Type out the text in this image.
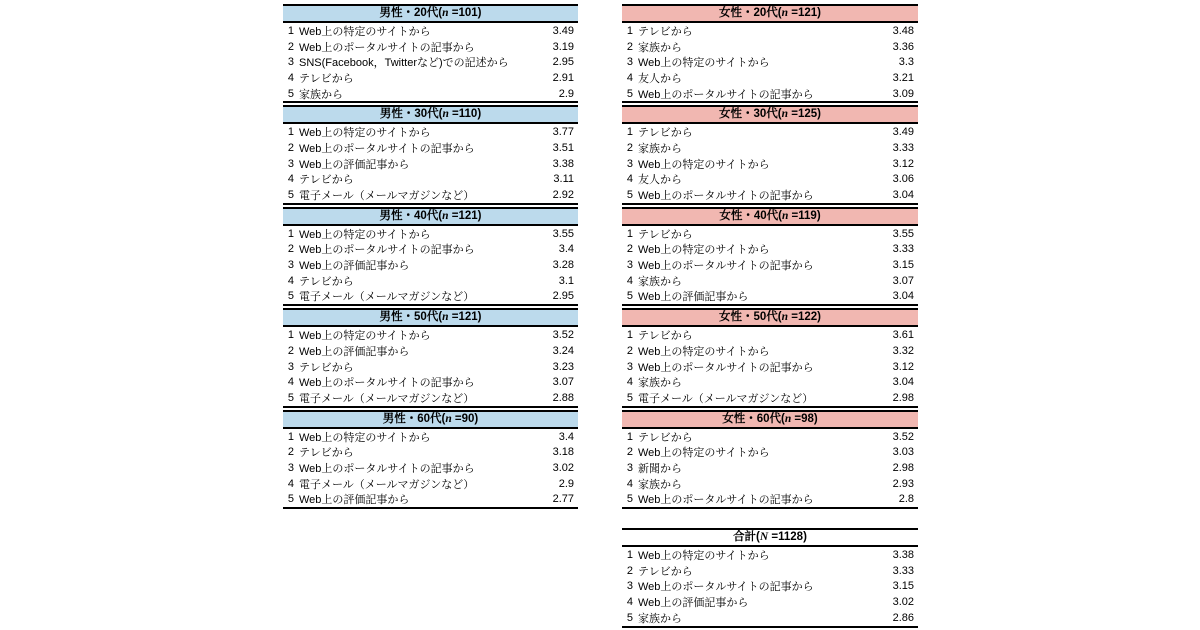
男性・20代(n =101)
1 Web上の特定のサイトから	3.49
2 Web上のポータルサイトの記事から	3.19
3 SNS(Facebook，Twitterなど)での記述から	2.95
4 テレビから	2.91
5 家族から	2.9
男性・30代(n =110)
1 Web上の特定のサイトから	3.77
2 Web上のポータルサイトの記事から	3.51
3 Web上の評価記事から	3.38
4 テレビから	3.11
5 電子メール（メールマガジンなど）	2.92
男性・40代(n =121)
1 Web上の特定のサイトから	3.55
2 Web上のポータルサイトの記事から	3.4
3 Web上の評価記事から	3.28
4 テレビから	3.1
5 電子メール（メールマガジンなど）	2.95
男性・50代(n =121)
1 Web上の特定のサイトから	3.52
2 Web上の評価記事から	3.24
3 テレビから	3.23
4 Web上のポータルサイトの記事から	3.07
5 電子メール（メールマガジンなど）	2.88
男性・60代(n =90)
1 Web上の特定のサイトから	3.4
2 テレビから	3.18
3 Web上のポータルサイトの記事から	3.02
4 電子メール（メールマガジンなど）	2.9
5 Web上の評価記事から	2.77
女性・20代(n =121)
1 テレビから	3.48
2 家族から	3.36
3 Web上の特定のサイトから	3.3
4 友人から	3.21
5 Web上のポータルサイトの記事から	3.09
女性・30代(n =125)
1 テレビから	3.49
2 家族から	3.33
3 Web上の特定のサイトから	3.12
4 友人から	3.06
5 Web上のポータルサイトの記事から	3.04
女性・40代(n =119)
1 テレビから	3.55
2 Web上の特定のサイトから	3.33
3 Web上のポータルサイトの記事から	3.15
4 家族から	3.07
5 Web上の評価記事から	3.04
女性・50代(n =122)
1 テレビから	3.61
2 Web上の特定のサイトから	3.32
3 Web上のポータルサイトの記事から	3.12
4 家族から	3.04
5 電子メール（メールマガジンなど）	2.98
女性・60代(n =98)
1 テレビから	3.52
2 Web上の特定のサイトから	3.03
3 新聞から	2.98
4 家族から	2.93
5 Web上のポータルサイトの記事から	2.8
合計(N =1128)
1 Web上の特定のサイトから	3.38
2 テレビから	3.33
3 Web上のポータルサイトの記事から	3.15
4 Web上の評価記事から	3.02
5 家族から	2.86
